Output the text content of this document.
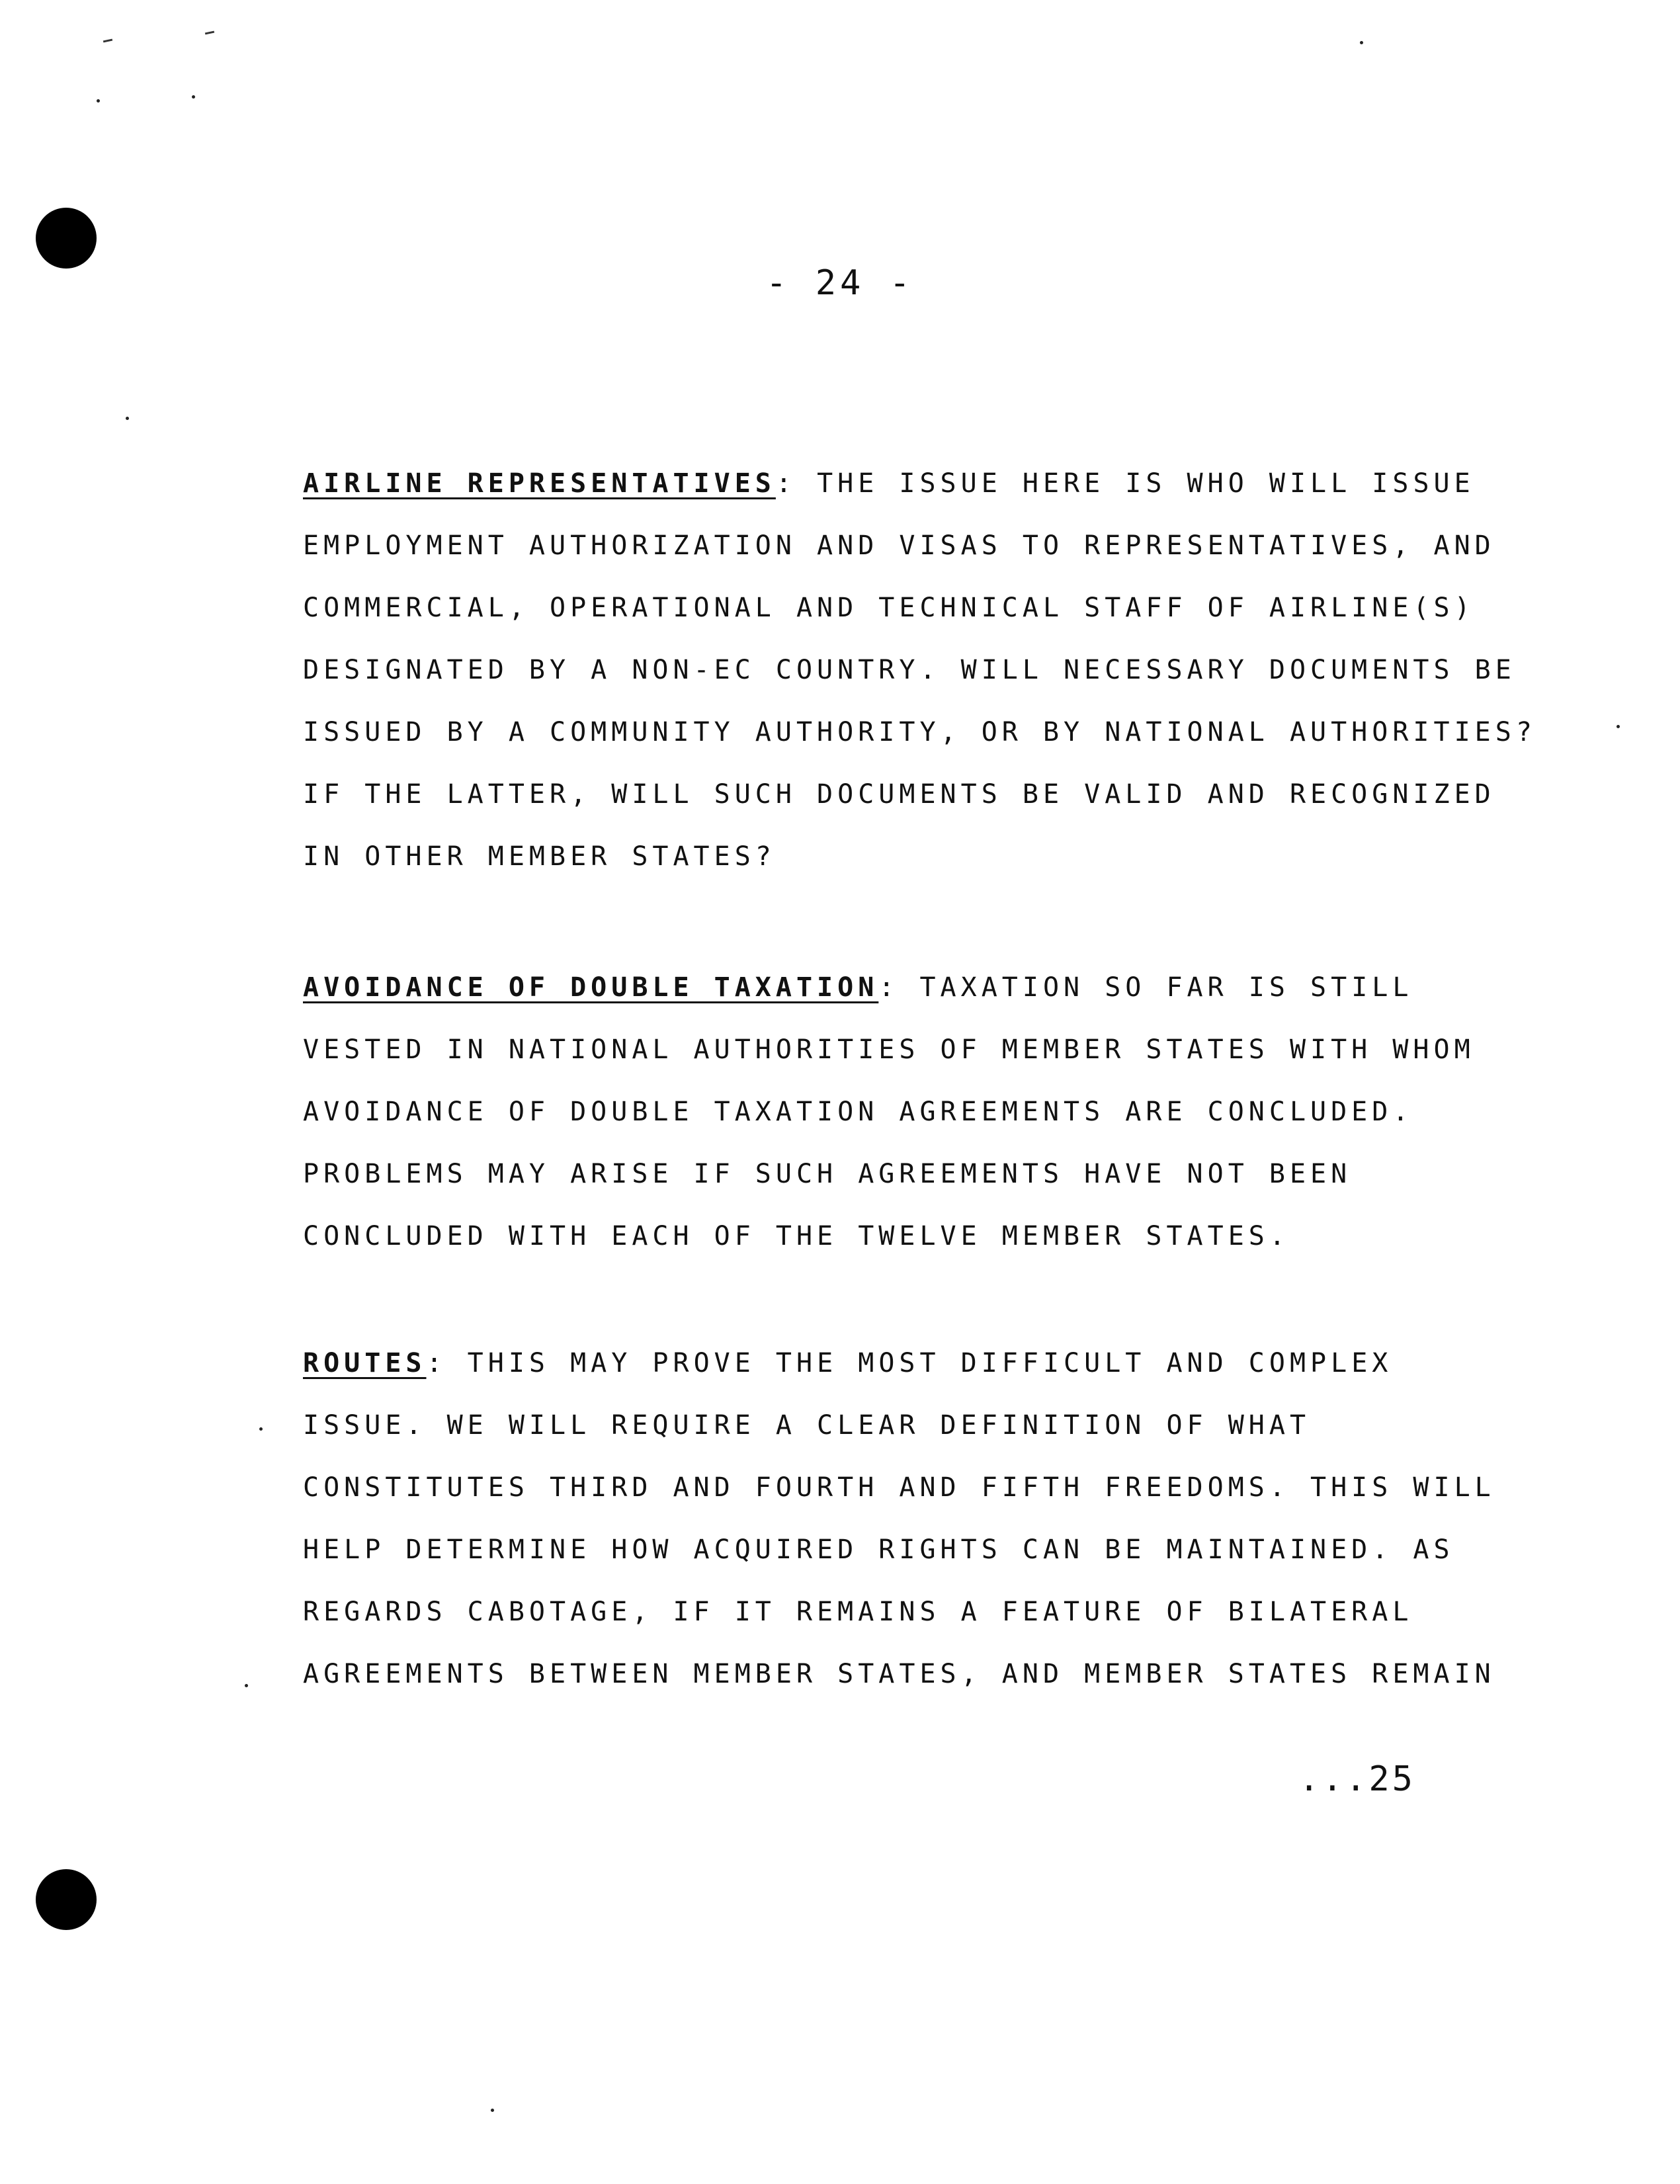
- 24 -

AIRLINE REPRESENTATIVES: THE ISSUE HERE IS WHO WILL ISSUE
EMPLOYMENT AUTHORIZATION AND VISAS TO REPRESENTATIVES, AND
COMMERCIAL, OPERATIONAL AND TECHNICAL STAFF OF AIRLINE(S)
DESIGNATED BY A NON-EC COUNTRY. WILL NECESSARY DOCUMENTS BE
ISSUED BY A COMMUNITY AUTHORITY, OR BY NATIONAL AUTHORITIES?
IF THE LATTER, WILL SUCH DOCUMENTS BE VALID AND RECOGNIZED
IN OTHER MEMBER STATES?

AVOIDANCE OF DOUBLE TAXATION: TAXATION SO FAR IS STILL
VESTED IN NATIONAL AUTHORITIES OF MEMBER STATES WITH WHOM
AVOIDANCE OF DOUBLE TAXATION AGREEMENTS ARE CONCLUDED.
PROBLEMS MAY ARISE IF SUCH AGREEMENTS HAVE NOT BEEN
CONCLUDED WITH EACH OF THE TWELVE MEMBER STATES.

ROUTES: THIS MAY PROVE THE MOST DIFFICULT AND COMPLEX
ISSUE. WE WILL REQUIRE A CLEAR DEFINITION OF WHAT
CONSTITUTES THIRD AND FOURTH AND FIFTH FREEDOMS. THIS WILL
HELP DETERMINE HOW ACQUIRED RIGHTS CAN BE MAINTAINED. AS
REGARDS CABOTAGE, IF IT REMAINS A FEATURE OF BILATERAL
AGREEMENTS BETWEEN MEMBER STATES, AND MEMBER STATES REMAIN

...25
